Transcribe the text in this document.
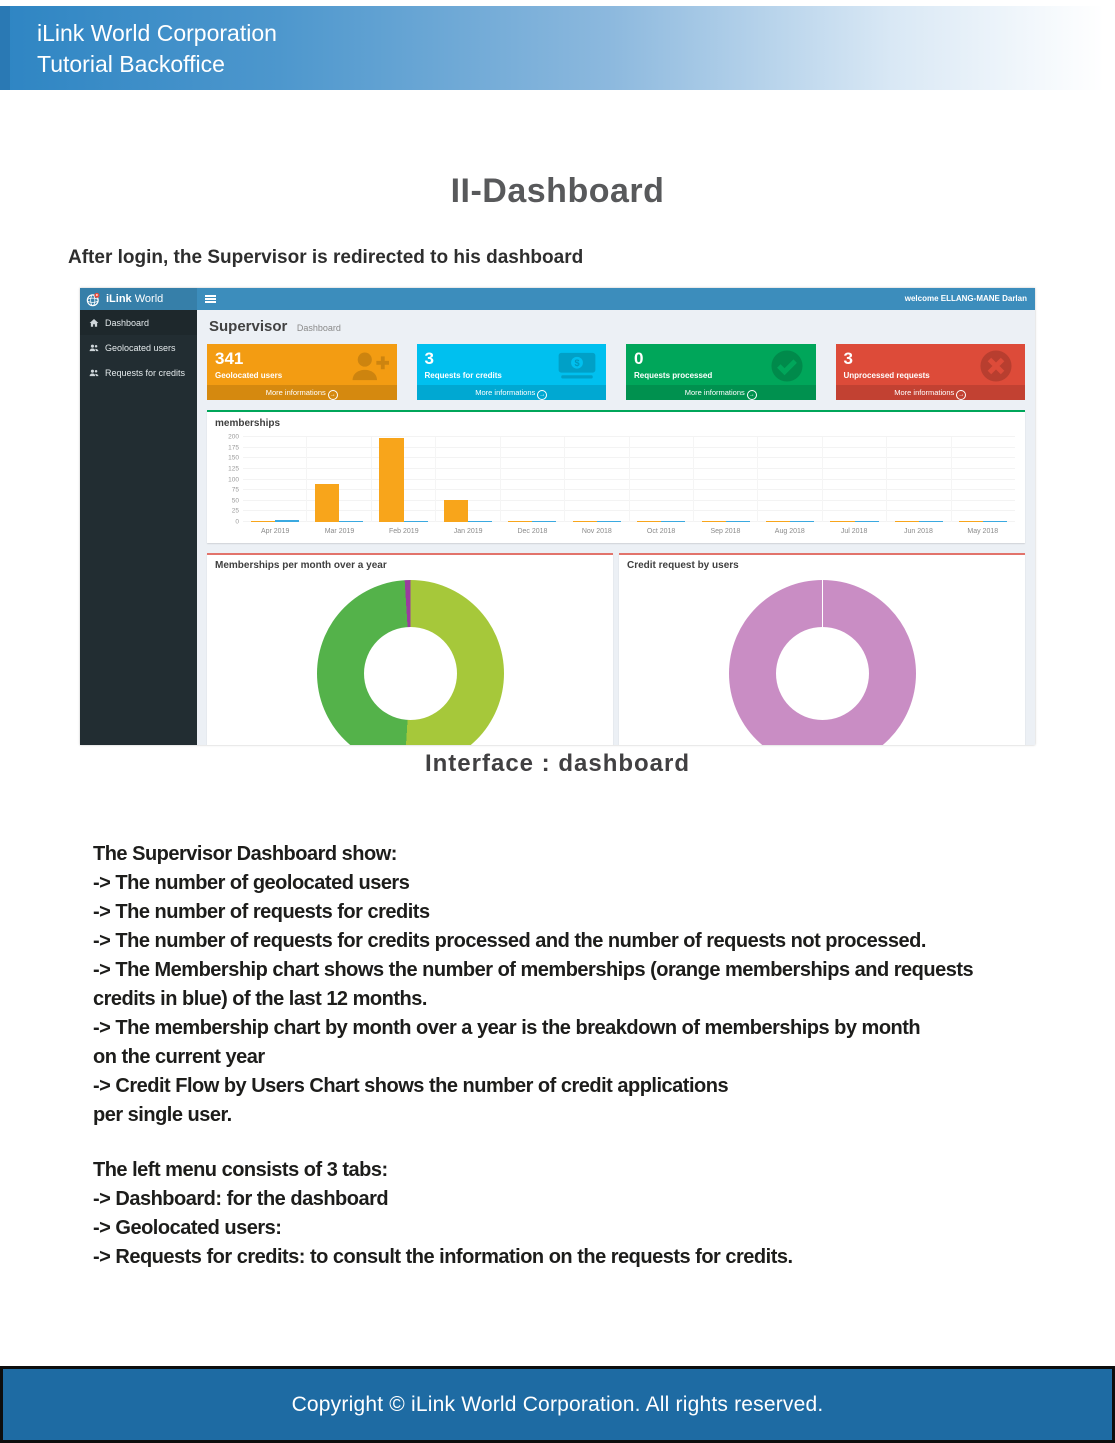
iLink World Corporation
Tutorial Backoffice
II-Dashboard
After login, the Supervisor is redirected to his dashboard
iLink World	welcome ELLANG-MANE Darlan
Dashboard
Geolocated users
Requests for credits
Supervisor Dashboard
341
Geolocated users
More informations →
3
Requests for credits
$
More informations →
0
Requests processed
More informations →
3
Unprocessed requests
More informations →
memberships
0
25
50
75
100
125
150
175
200
Apr 2019	Mar 2019	Feb 2019	Jan 2019	Dec 2018	Nov 2018	Oct 2018	Sep 2018	Aug 2018	Jul 2018	Jun 2018	May 2018
Memberships per month over a year	Credit request by users
Interface : dashboard
The Supervisor Dashboard show:
-> The number of geolocated users
-> The number of requests for credits
-> The number of requests for credits processed and the number of requests not processed.
-> The Membership chart shows the number of memberships (orange memberships and requests
credits in blue) of the last 12 months.
-> The membership chart by month over a year is the breakdown of memberships by month
on the current year
-> Credit Flow by Users Chart shows the number of credit applications
per single user.
The left menu consists of 3 tabs:
-> Dashboard: for the dashboard
-> Geolocated users:
-> Requests for credits: to consult the information on the requests for credits.
Copyright © iLink World Corporation. All rights reserved.
